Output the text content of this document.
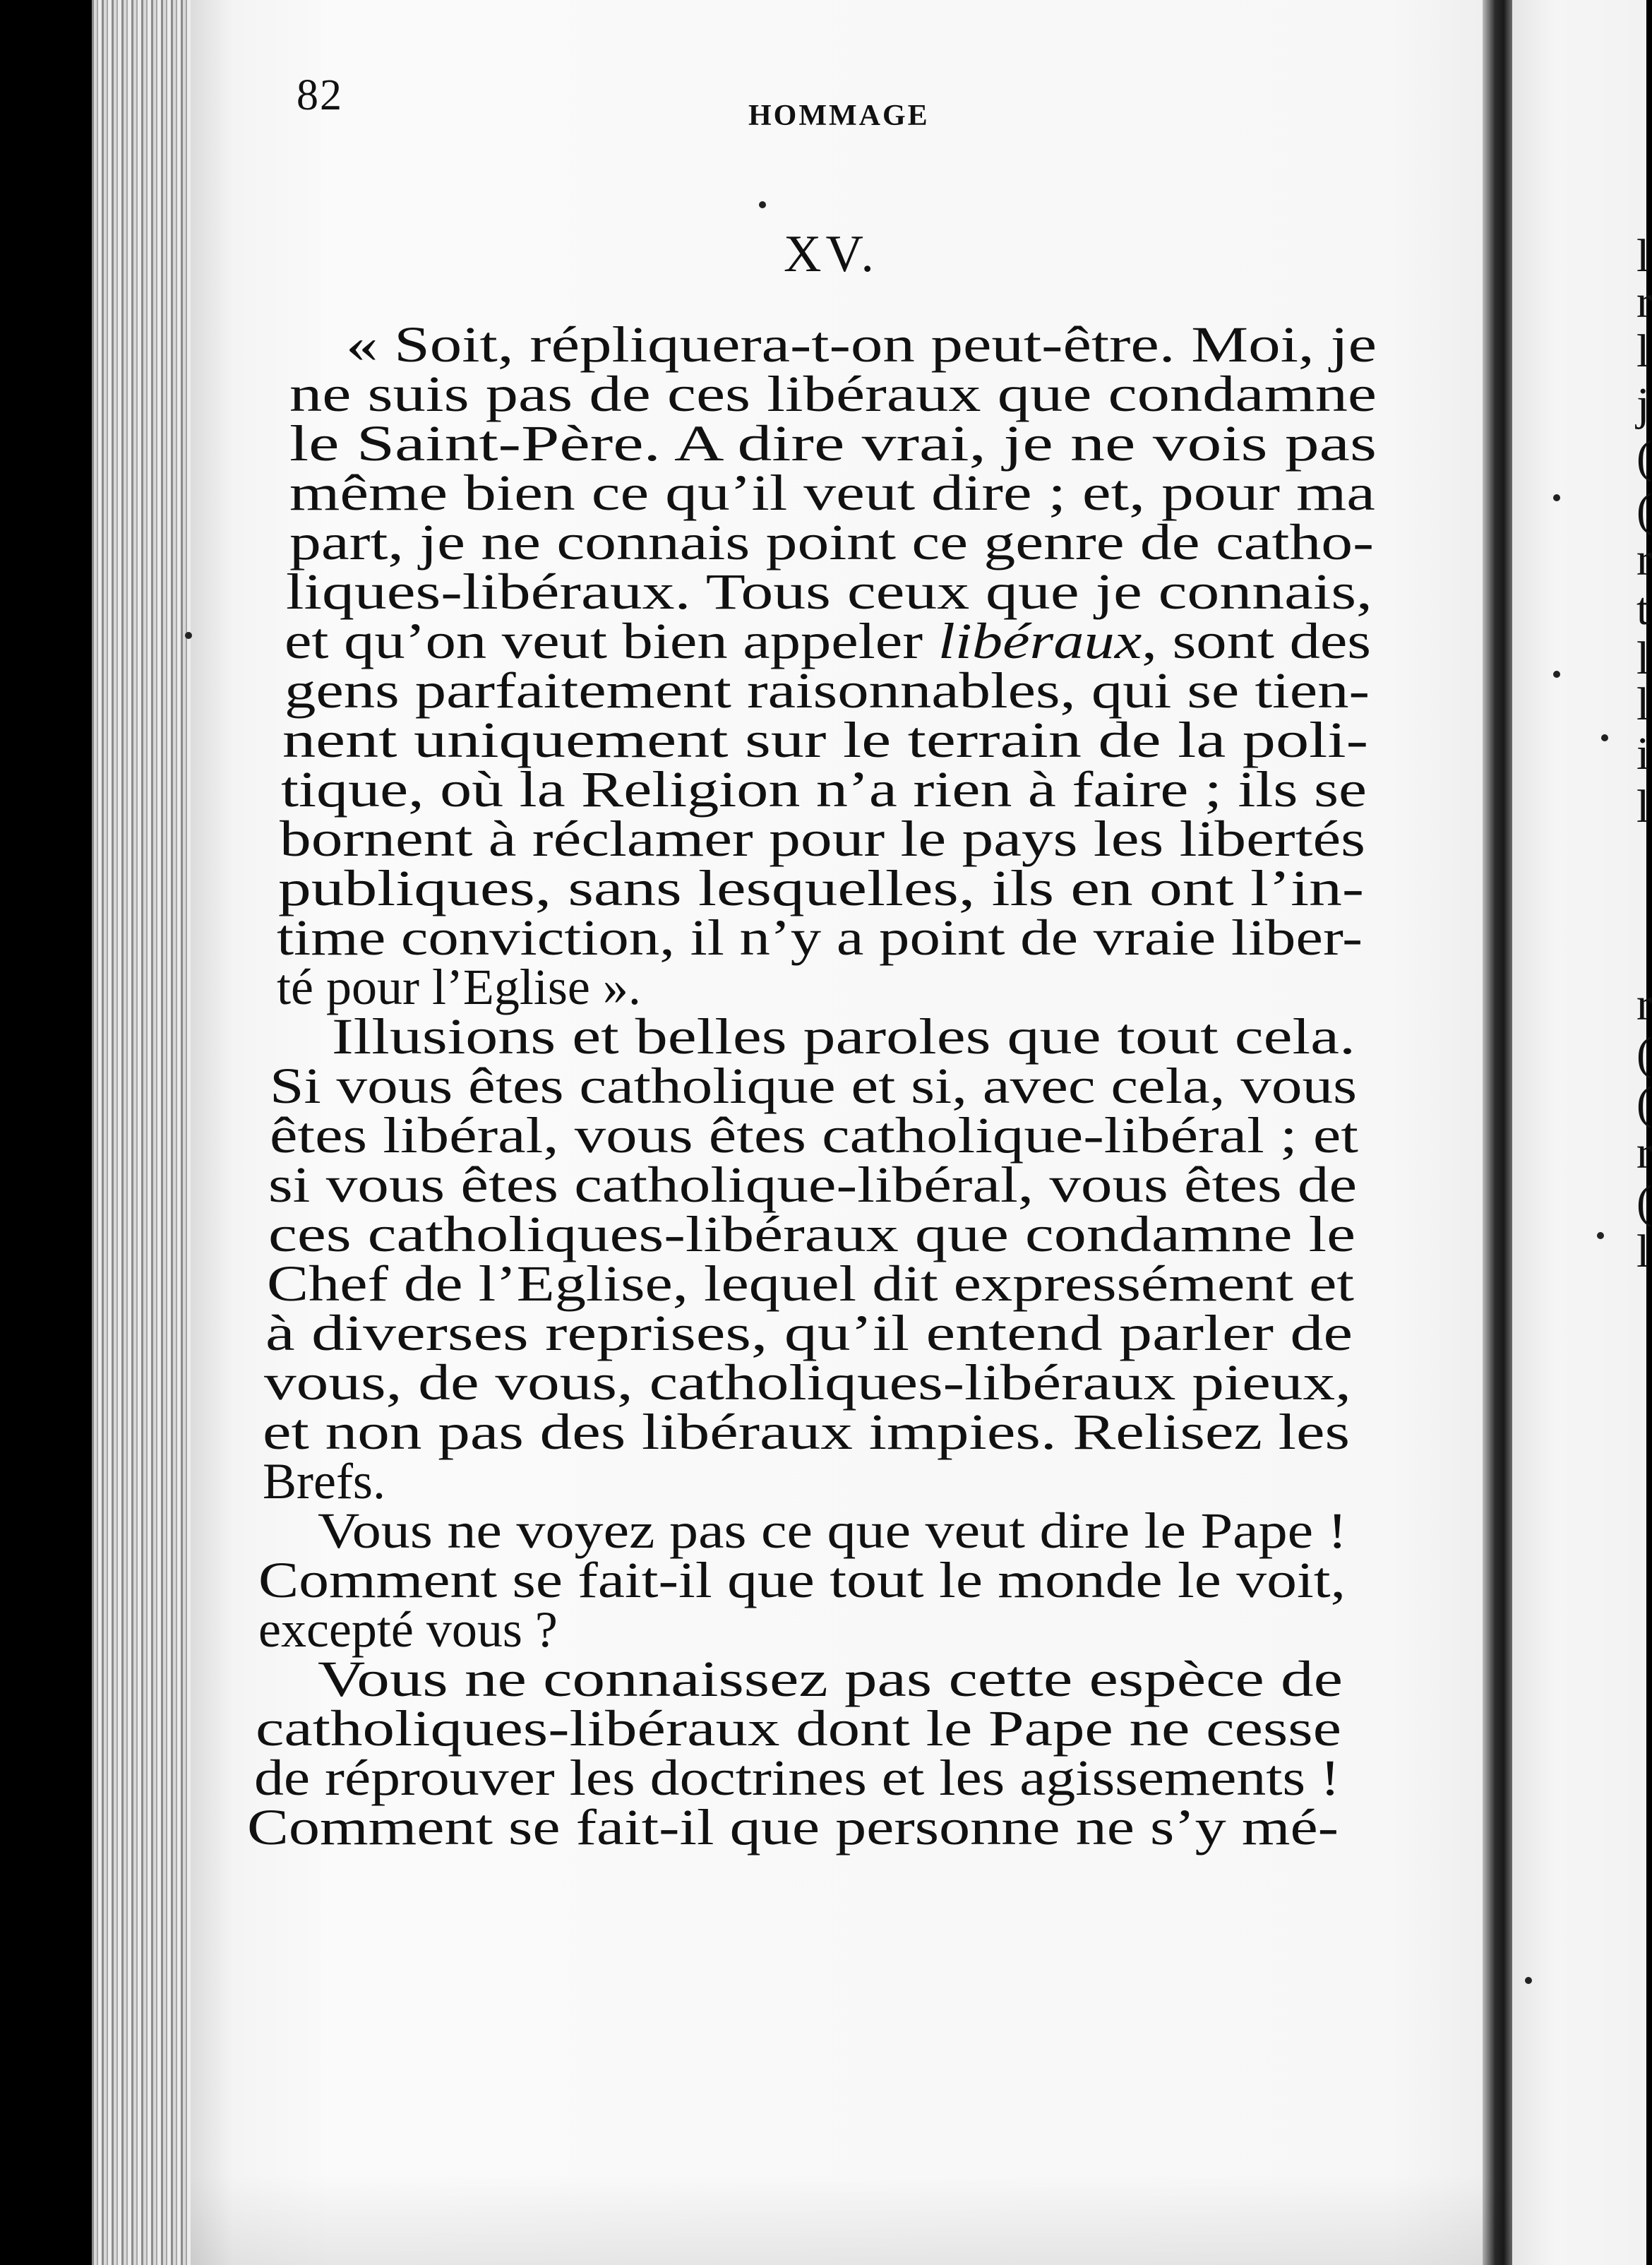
82	HOMMAGE
XV.
« Soit, répliquera-t-on peut-être. Moi, je
ne suis pas de ces libéraux que condamne
le Saint-Père. A dire vrai, je ne vois pas
même bien ce qu’il veut dire ; et, pour ma
part, je ne connais point ce genre de catho-
liques-libéraux. Tous ceux que je connais,
et qu’on veut bien appeler libéraux, sont des
gens parfaitement raisonnables, qui se tien-
nent uniquement sur le terrain de la poli-
tique, où la Religion n’a rien à faire ; ils se
bornent à réclamer pour le pays les libertés
publiques, sans lesquelles, ils en ont l’in-
time conviction, il n’y a point de vraie liber-
té pour l’Eglise ».
Illusions et belles paroles que tout cela.
Si vous êtes catholique et si, avec cela, vous
êtes libéral, vous êtes catholique-libéral ; et
si vous êtes catholique-libéral, vous êtes de
ces catholiques-libéraux que condamne le
Chef de l’Eglise, lequel dit expressément et
à diverses reprises, qu’il entend parler de
vous, de vous, catholiques-libéraux pieux,
et non pas des libéraux impies. Relisez les
Brefs.
Vous ne voyez pas ce que veut dire le Pape !
Comment se fait-il que tout le monde le voit,
excepté vous ?
Vous ne connaissez pas cette espèce de
catholiques-libéraux dont le Pape ne cesse
de réprouver les doctrines et les agissements !
Comment se fait-il que personne ne s’y mé-
l
r
l
j
(
(
r
t
l
l
i
l
r
(
(
r
(
l
